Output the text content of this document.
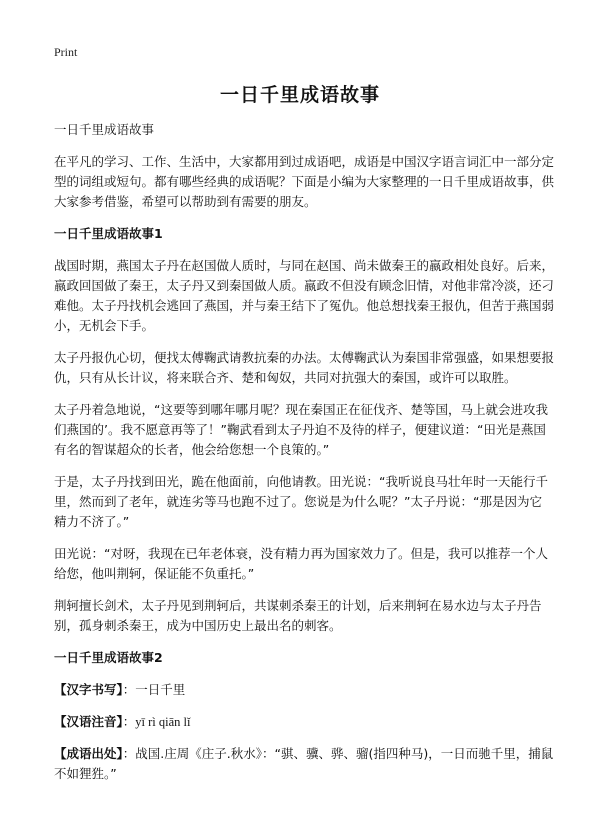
Print
一日千里成语故事

一日千里成语故事

在平凡的学习、工作、生活中，大家都用到过成语吧，成语是中国汉字语言词汇中一部分定型的词组或短句。都有哪些经典的成语呢？下面是小编为大家整理的一日千里成语故事，供大家参考借鉴，希望可以帮助到有需要的朋友。

一日千里成语故事1

战国时期，燕国太子丹在赵国做人质时，与同在赵国、尚未做秦王的嬴政相处良好。后来，嬴政回国做了秦王，太子丹又到秦国做人质。嬴政不但没有顾念旧情，对他非常冷淡，还刁难他。太子丹找机会逃回了燕国，并与秦王结下了冤仇。他总想找秦王报仇，但苦于燕国弱小，无机会下手。

太子丹报仇心切，便找太傅鞠武请教抗秦的办法。太傅鞠武认为秦国非常强盛，如果想要报仇，只有从长计议，将来联合齐、楚和匈奴，共同对抗强大的秦国，或许可以取胜。

太子丹着急地说，“这要等到哪年哪月呢？现在秦国正在征伐齐、楚等国，马上就会进攻我们燕国的’。我不愿意再等了！”鞠武看到太子丹迫不及待的样子，便建议道：“田光是燕国有名的智谋超众的长者，他会给您想一个良策的。”

于是，太子丹找到田光，跪在他面前，向他请教。田光说：“我听说良马壮年时一天能行千里，然而到了老年，就连劣等马也跑不过了。您说是为什么呢？”太子丹说：“那是因为它精力不济了。”

田光说：“对呀，我现在已年老体衰，没有精力再为国家效力了。但是，我可以推荐一个人给您，他叫荆轲，保证能不负重托。”

荆轲擅长剑术，太子丹见到荆轲后，共谋刺杀秦王的计划，后来荆轲在易水边与太子丹告别，孤身刺杀秦王，成为中国历史上最出名的刺客。

一日千里成语故事2

【汉字书写】：一日千里

【汉语注音】：yī rì qiān lǐ

【成语出处】：战国.庄周《庄子.秋水》：“骐、骥、骅、骝(指四种马)，一日而驰千里，捕鼠不如狸狌。”
